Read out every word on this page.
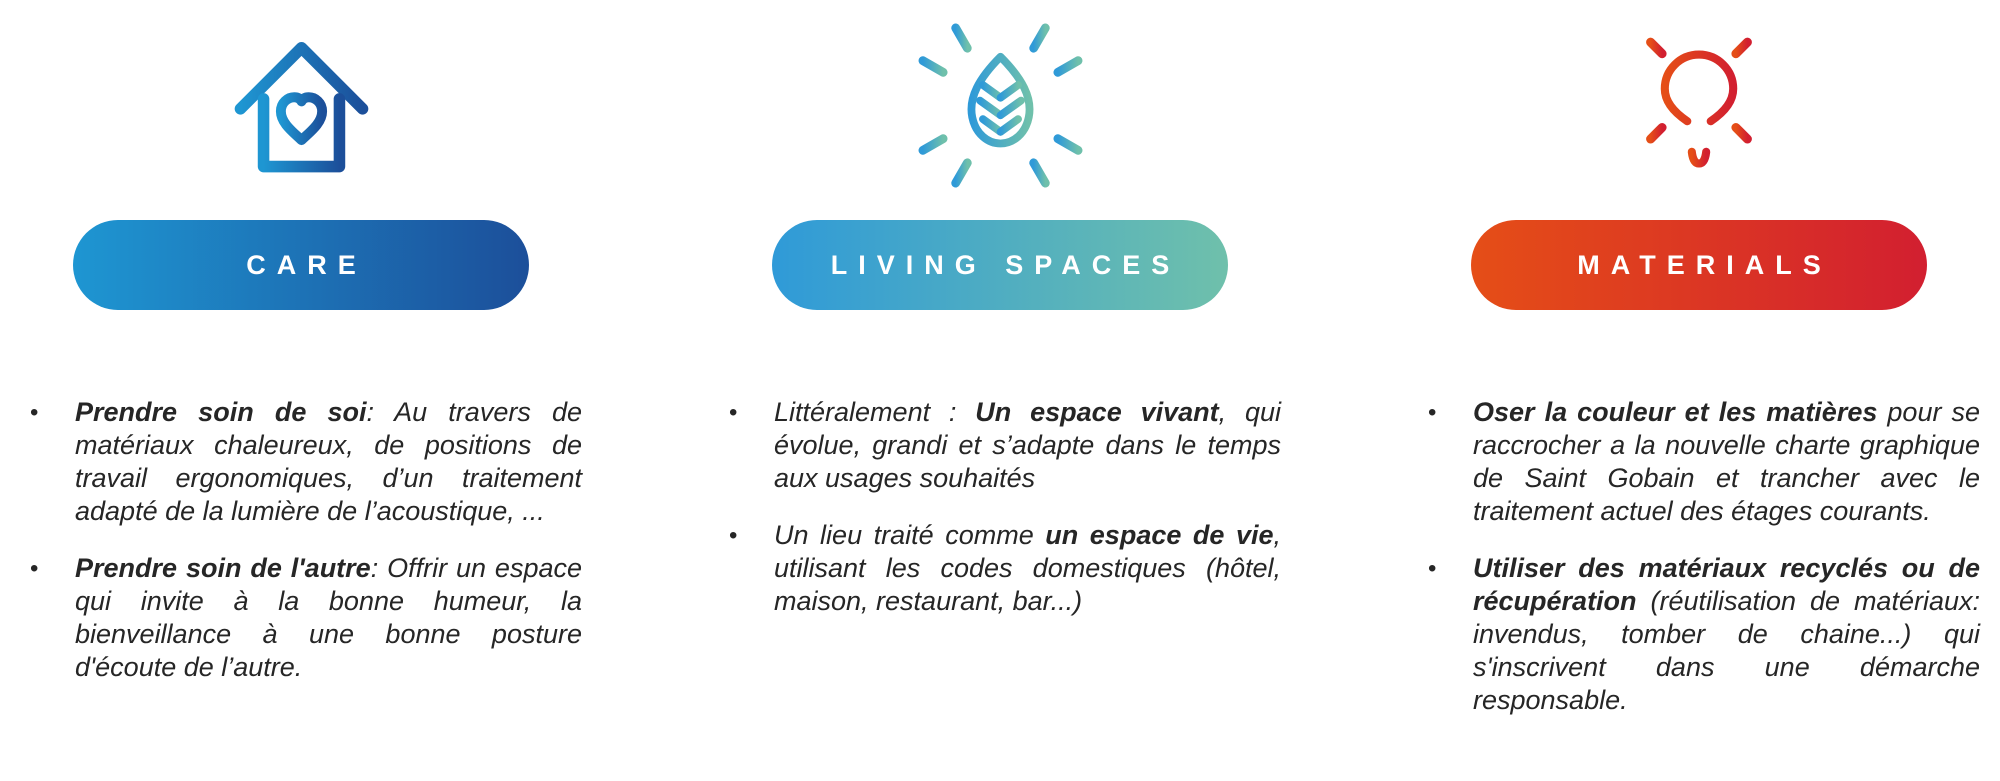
CARE
•	Prendre soin de soi: Au travers de matériaux chaleureux, de positions de travail ergonomiques, d’un traitement adapté de la lumière de l’acoustique, ...

•	Prendre soin de l'autre: Offrir un espace qui invite à la bonne humeur, la bienveillance à une bonne posture d'écoute de l’autre.

LIVING SPACES
•	Littéralement : Un espace vivant, qui évolue, grandi et s’adapte dans le temps aux usages souhaités

•	Un lieu traité comme un espace de vie, utilisant les codes domestiques (hôtel, maison, restaurant, bar...)

MATERIALS
•	Oser la couleur et les matières pour se raccrocher a la nouvelle charte graphique de Saint Gobain et trancher avec le traitement actuel des étages courants.

•	Utiliser des matériaux recyclés ou de récupération (réutilisation de matériaux: invendus, tomber de chaine...) qui s'inscrivent dans une démarche responsable.
